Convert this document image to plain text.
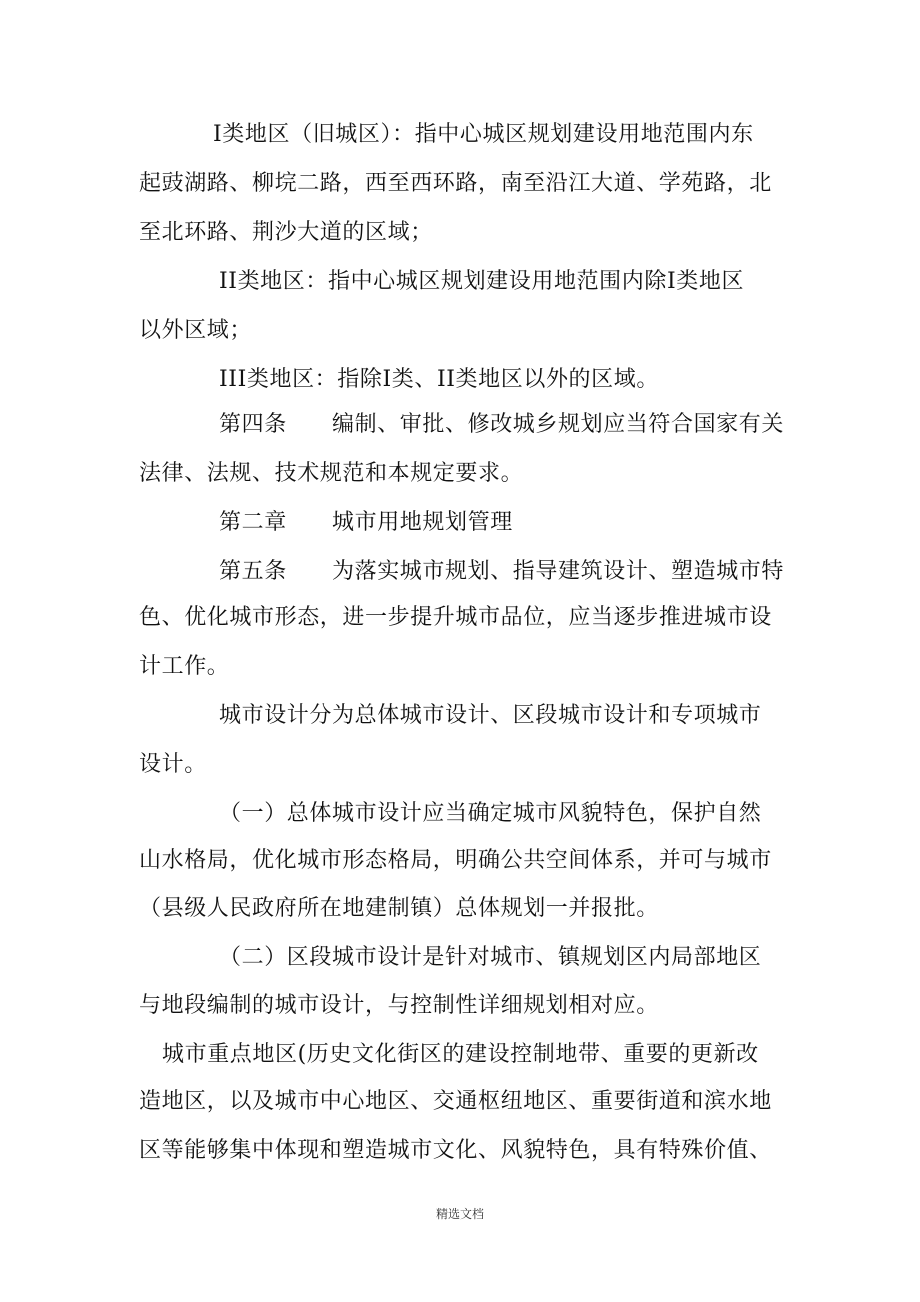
I类地区（旧城区）：指中心城区规划建设用地范围内东
起豉湖路、柳垸二路，西至西环路，南至沿江大道、学苑路，北
至北环路、荆沙大道的区域；
II类地区：指中心城区规划建设用地范围内除I类地区
以外区域；
III类地区：指除I类、II类地区以外的区域。
第四条　　编制、审批、修改城乡规划应当符合国家有关
法律、法规、技术规范和本规定要求。
第二章　　城市用地规划管理
第五条　　为落实城市规划、指导建筑设计、塑造城市特
色、优化城市形态，进一步提升城市品位，应当逐步推进城市设
计工作。
城市设计分为总体城市设计、区段城市设计和专项城市
设计。
（一）总体城市设计应当确定城市风貌特色，保护自然
山水格局，优化城市形态格局，明确公共空间体系，并可与城市
（县级人民政府所在地建制镇）总体规划一并报批。
（二）区段城市设计是针对城市、镇规划区内局部地区
与地段编制的城市设计，与控制性详细规划相对应。
城市重点地区(历史文化街区的建设控制地带、重要的更新改
造地区，以及城市中心地区、交通枢纽地区、重要街道和滨水地
区等能够集中体现和塑造城市文化、风貌特色，具有特殊价值、
精选文档
